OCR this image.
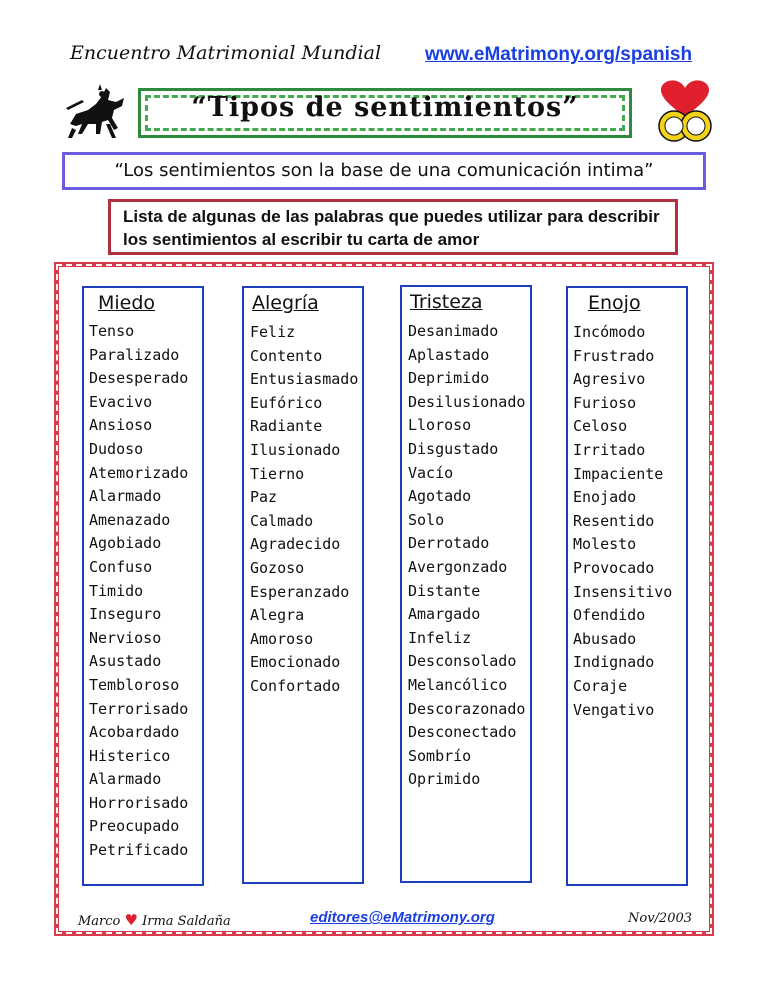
Encuentro Matrimonial Mundial www.eMatrimony.org/spanish
“Tipos de sentimientos”
“Los sentimientos son la base de una comunicación intima”
Lista de algunas de las palabras que puedes utilizar para describir los sentimientos al escribir tu carta de amor
Miedo
Tenso
Paralizado
Desesperado
Evacivo
Ansioso
Dudoso
Atemorizado
Alarmado
Amenazado
Agobiado
Confuso
Timido
Inseguro
Nervioso
Asustado
Tembloroso
Terrorisado
Acobardado
Histerico
Alarmado
Horrorisado
Preocupado
Petrificado
Alegría
Feliz
Contento
Entusiasmado
Eufórico
Radiante
Ilusionado
Tierno
Paz
Calmado
Agradecido
Gozoso
Esperanzado
Alegra
Amoroso
Emocionado
Confortado
Tristeza
Desanimado
Aplastado
Deprimido
Desilusionado
Lloroso
Disgustado
Vacío
Agotado
Solo
Derrotado
Avergonzado
Distante
Amargado
Infeliz
Desconsolado
Melancólico
Descorazonado
Desconectado
Sombrío
Oprimido
Enojo
Incómodo
Frustrado
Agresivo
Furioso
Celoso
Irritado
Impaciente
Enojado
Resentido
Molesto
Provocado
Insensitivo
Ofendido
Abusado
Indignado
Coraje
Vengativo
Marco ♥ Irma Saldaña	editores@eMatrimony.org	Nov/2003
